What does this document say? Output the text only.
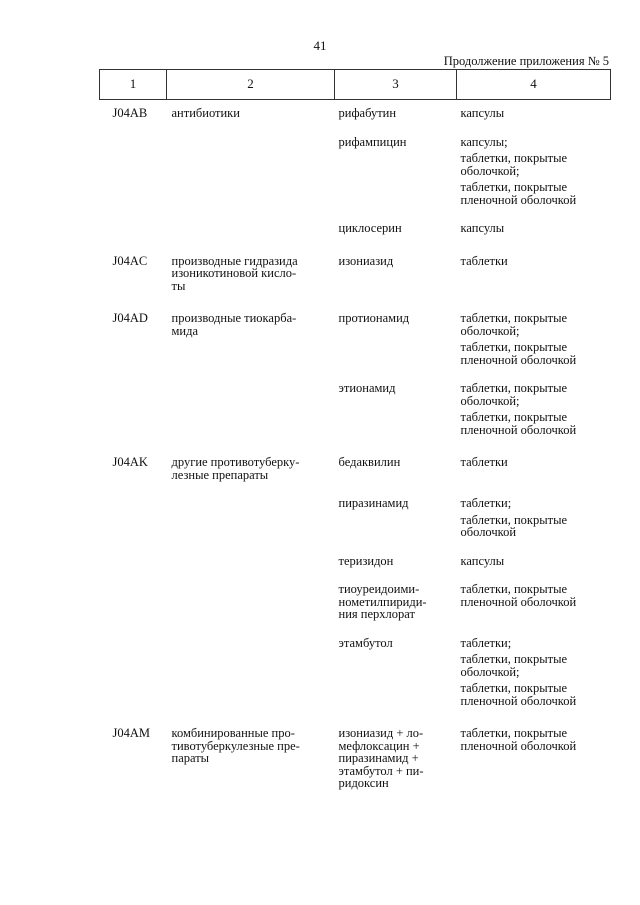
41
Продолжение приложения № 5
1	2	3	4

J04AB	антибиотики	рифабутин	капсулы

		рифампицин	капсулы;
таблетки, покрытые
оболочкой;
таблетки, покрытые
пленочной оболочкой

		циклосерин	капсулы

J04AC	производные гидразида
изоникотиновой кисло-
ты	изониазид	таблетки

J04AD	производные тиокарба-
мида	протионамид	таблетки, покрытые
оболочкой;
таблетки, покрытые
пленочной оболочкой

		этионамид	таблетки, покрытые
оболочкой;
таблетки, покрытые
пленочной оболочкой

J04AK	другие противотуберку-
лезные препараты	бедаквилин	таблетки

		пиразинамид	таблетки;
таблетки, покрытые
оболочкой

		теризидон	капсулы

		тиоуреидоими-
нометилпириди-
ния перхлорат	таблетки, покрытые
пленочной оболочкой

		этамбутол	таблетки;
таблетки, покрытые
оболочкой;
таблетки, покрытые
пленочной оболочкой

J04AM	комбинированные про-
тивотуберкулезные пре-
параты	изониазид + ло-
мефлоксацин +
пиразинамид +
этамбутол + пи-
ридоксин	таблетки, покрытые
пленочной оболочкой
